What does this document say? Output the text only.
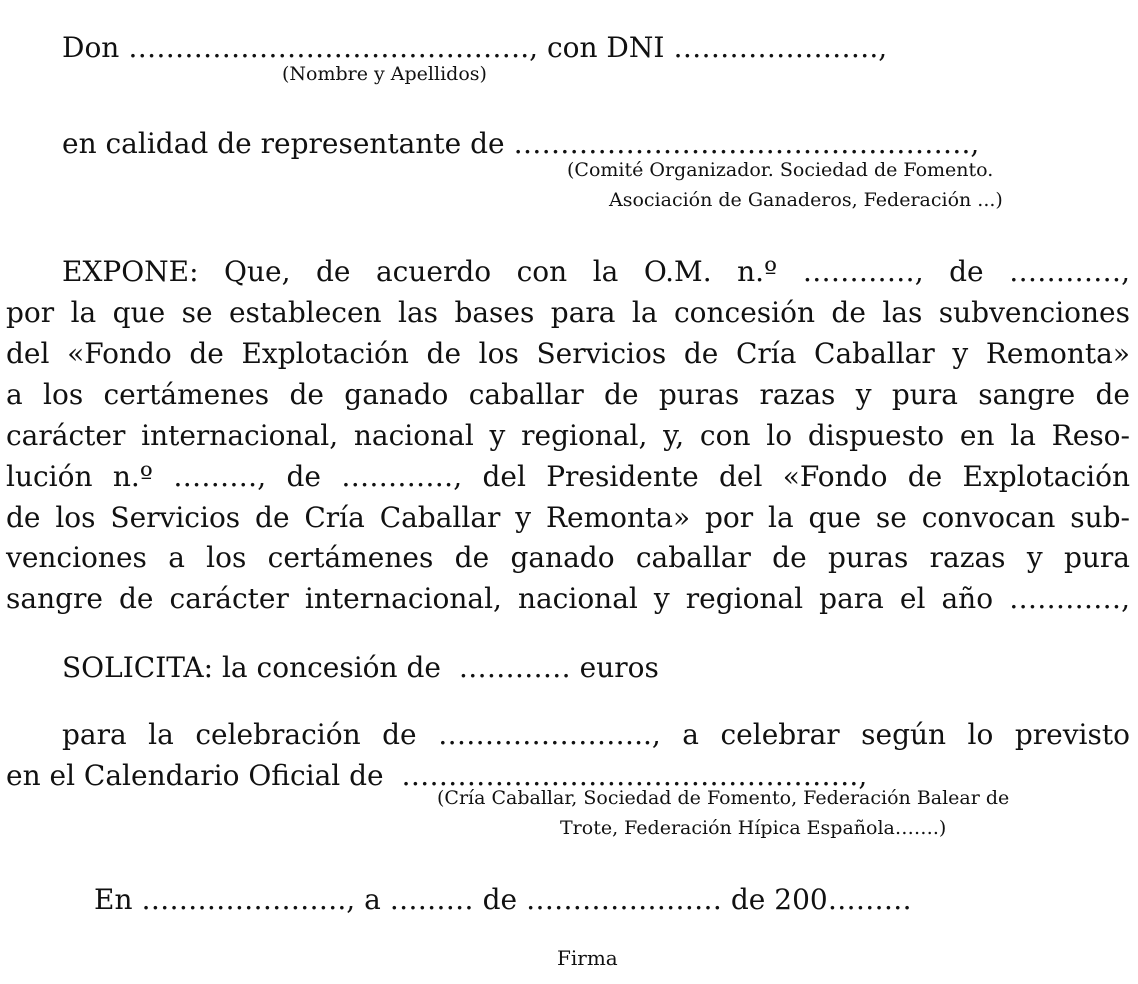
Don ……………………………………., con DNI ………………….,
(Nombre y Apellidos)
en calidad de representante de ………………………………………….,
(Comité Organizador. Sociedad de Fomento.
Asociación de Ganaderos, Federación ...)
EXPONE: Que, de acuerdo con la O.M. n.º …………, de …………,
por la que se establecen las bases para la concesión de las subvenciones
del «Fondo de Explotación de los Servicios de Cría Caballar y Remonta»
a los certámenes de ganado caballar de puras razas y pura sangre de
carácter internacional, nacional y regional, y, con lo dispuesto en la Reso-
lución n.º ………, de …………, del Presidente del «Fondo de Explotación
de los Servicios de Cría Caballar y Remonta» por la que se convocan sub-
venciones a los certámenes de ganado caballar de puras razas y pura
sangre de carácter internacional, nacional y regional para el año …………,
SOLICITA: la concesión de  ………… euros
para la celebración de ………………….., a celebrar según lo previsto
en el Calendario Oficial de  ………………………………………….,
(Cría Caballar, Sociedad de Fomento, Federación Balear de
Trote, Federación Hípica Española…….)
En …………………., a ……… de ………………… de 200………
Firma
